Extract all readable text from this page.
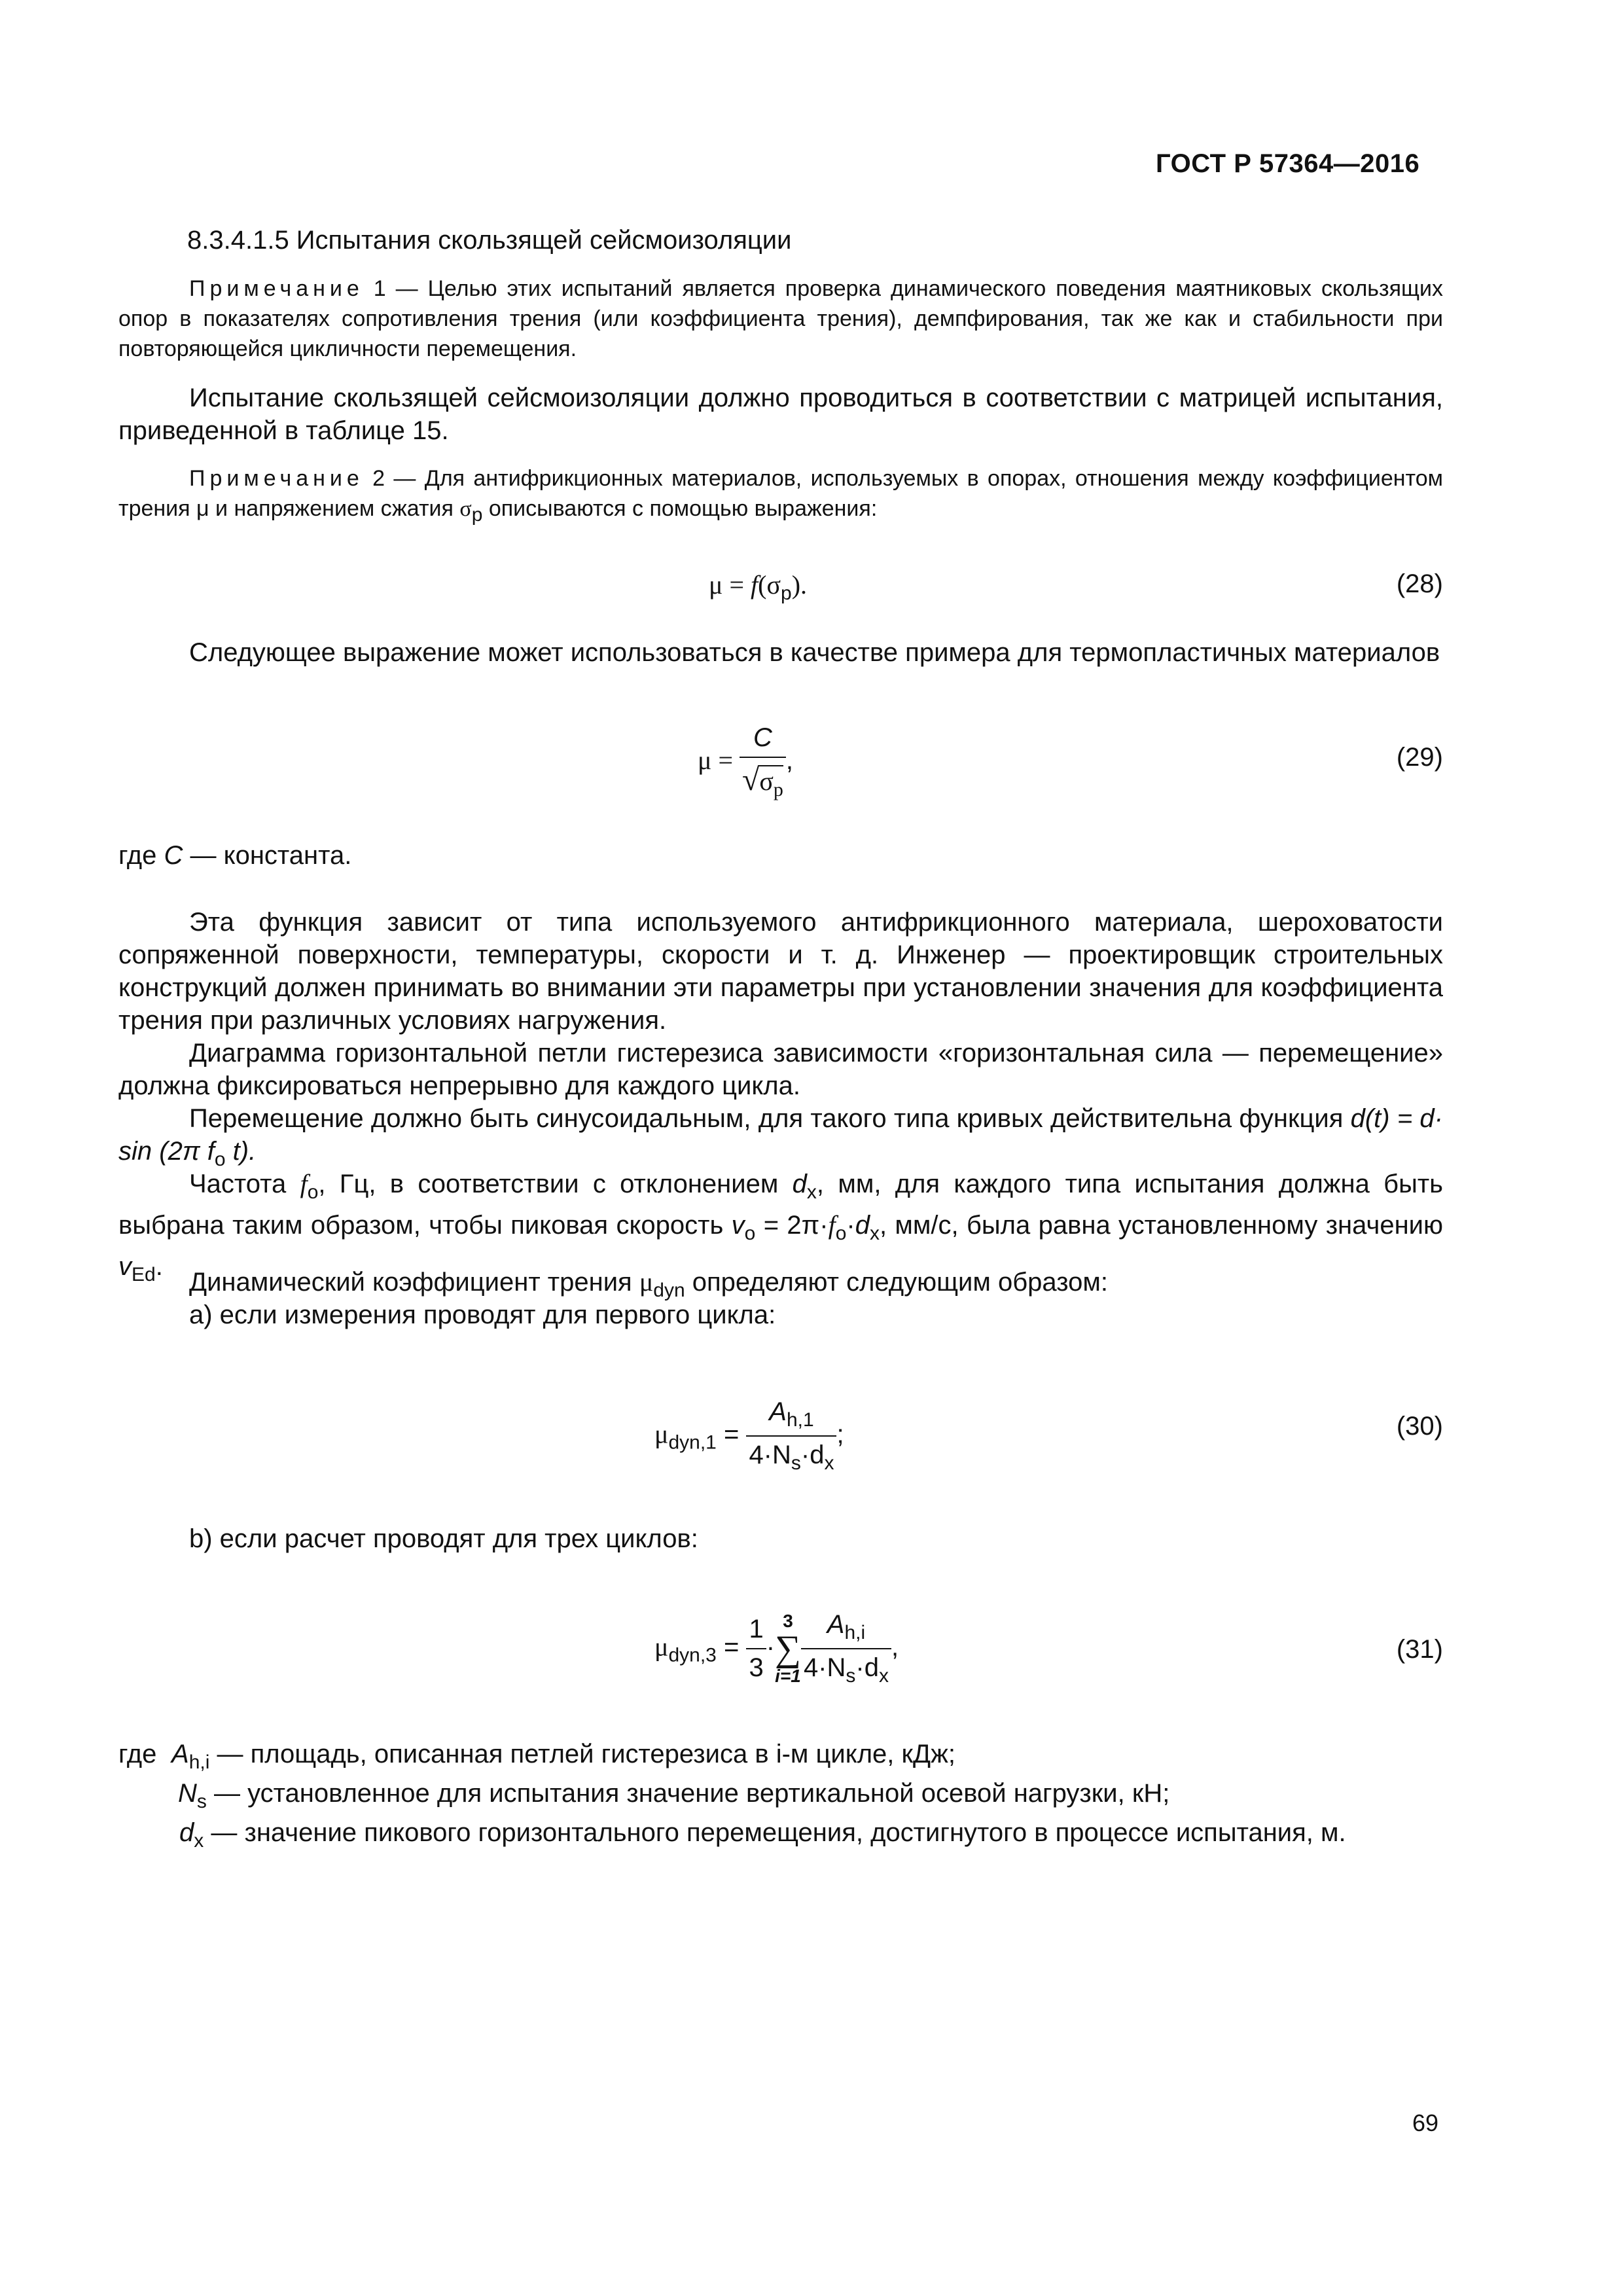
ГОСТ Р 57364—2016
8.3.4.1.5 Испытания скользящей сейсмоизоляции
Примечание 1 — Целью этих испытаний является проверка динамического поведения маятниковых скользящих опор в показателях сопротивления трения (или коэффициента трения), демпфирования, так же как и стабильности при повторяющейся цикличности перемещения.
Испытание скользящей сейсмоизоляции должно проводиться в соответствии с матрицей испытания, приведенной в таблице 15.
Примечание 2 — Для антифрикционных материалов, используемых в опорах, отношения между коэффициентом трения μ и напряжением сжатия $\sigma_p$ описываются с помощью выражения:
$\mu = f(\sigma_p)$.	(28)
Следующее выражение может использоваться в качестве примера для термопластичных материалов
$\mu = \frac{C}{√\sigma_p}$ ,	(29)
где C — константа.
Эта функция зависит от типа используемого антифрикционного материала, шероховатости сопряженной поверхности, температуры, скорости и т. д. Инженер — проектировщик строительных конструкций должен принимать во внимании эти параметры при установлении значения для коэффициента трения при различных условиях нагружения.
Диаграмма горизонтальной петли гистерезиса зависимости «горизонтальная сила — перемещение» должна фиксироваться непрерывно для каждого цикла.
Перемещение должно быть синусоидальным, для такого типа кривых действительна функция d(t) = d· sin (2π $f_o$ t).
Частота $f_o$, Гц, в соответствии с отклонением $d_x$, мм, для каждого типа испытания должна быть выбрана таким образом, чтобы пиковая скорость $v_o = 2\pi\cdot f_o\cdot d_x$, мм/с, была равна установленному значению $v_{Ed}$.
Динамический коэффициент трения $\mu_{dyn}$ определяют следующим образом:
а) если измерения проводят для первого цикла:
$\mu_{dyn,1} = \frac{A_{h,1}}{4\cdot N_s\cdot d_x}$ ;	(30)
b) если расчет проводят для трех циклов:
$\mu_{dyn,3} = \frac{1}{3}$ ·
3
∑
$i=1 \frac{A_{h,i}}{4\cdot N_s\cdot d_x}$ ,	(31)
где $A_{h,i}$ — площадь, описанная петлей гистерезиса в i-м цикле, кДж;
$N_s$ — установленное для испытания значение вертикальной осевой нагрузки, кН;
$d_x$ — значение пикового горизонтального перемещения, достигнутого в процессе испытания, м.
69
